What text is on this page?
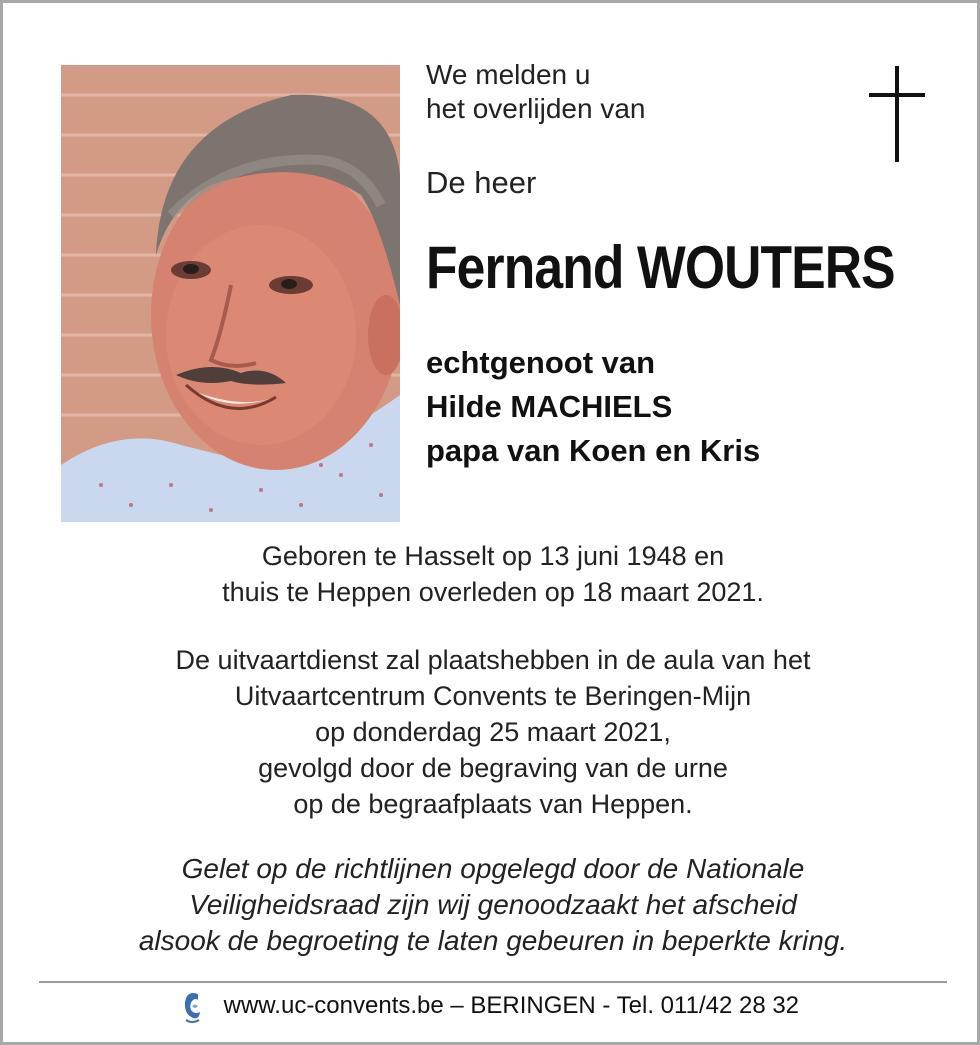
We melden u
het overlijden van
De heer
Fernand WOUTERS
echtgenoot van
Hilde MACHIELS
papa van Koen en Kris
Geboren te Hasselt op 13 juni 1948 en
thuis te Heppen overleden op 18 maart 2021.
De uitvaartdienst zal plaatshebben in de aula van het
Uitvaartcentrum Convents te Beringen-Mijn
op donderdag 25 maart 2021,
gevolgd door de begraving van de urne
op de begraafplaats van Heppen.
Gelet op de richtlijnen opgelegd door de Nationale
Veiligheidsraad zijn wij genoodzaakt het afscheid
alsook de begroeting te laten gebeuren in beperkte kring.
www.uc-convents.be – BERINGEN - Tel. 011/42 28 32
